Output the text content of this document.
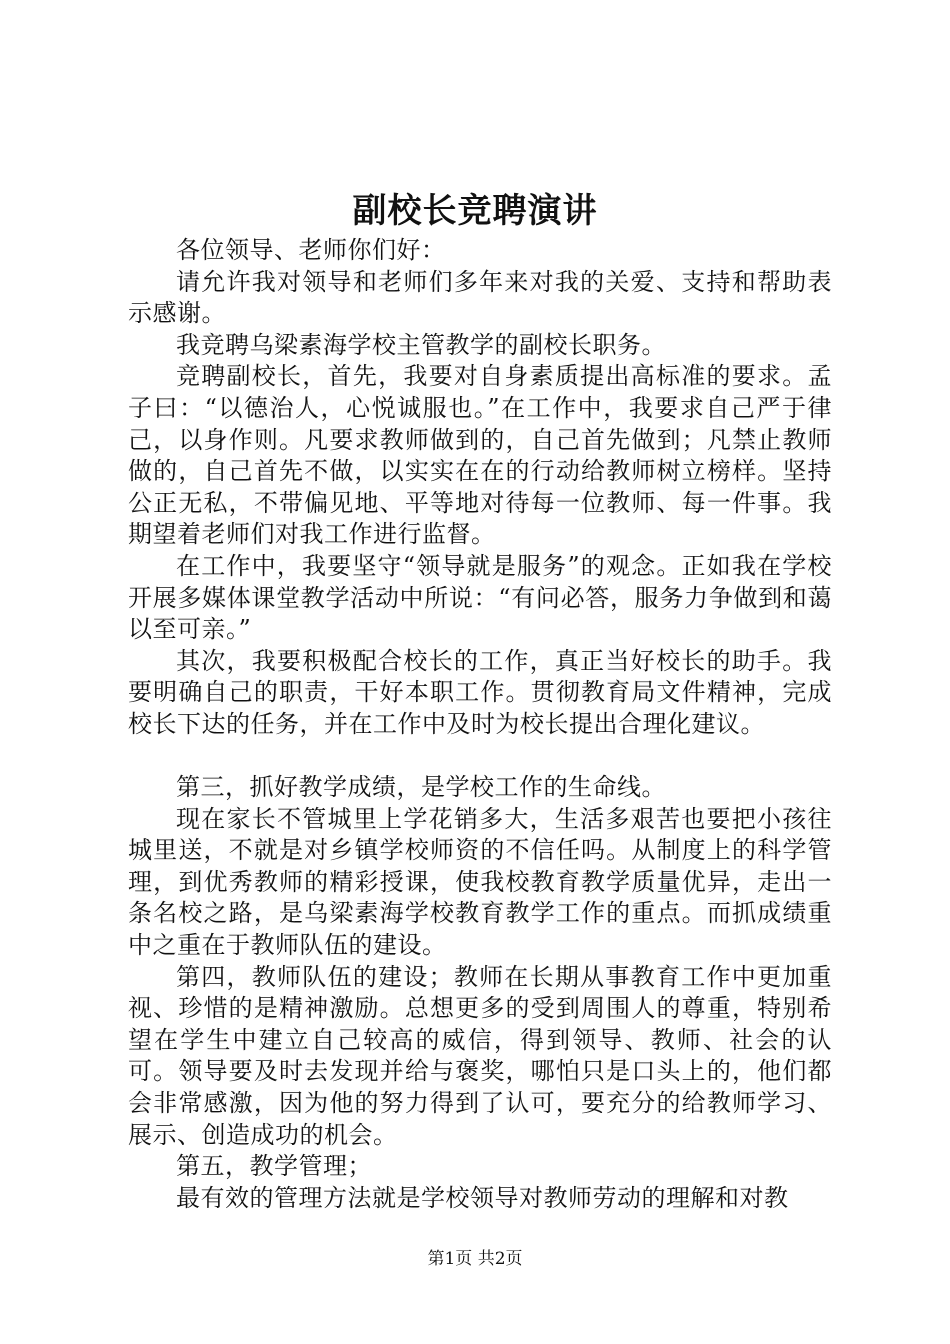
副校长竞聘演讲

各位领导、老师你们好：

请允许我对领导和老师们多年来对我的关爱、支持和帮助表示感谢。

我竞聘乌梁素海学校主管教学的副校长职务。

竞聘副校长，首先，我要对自身素质提出高标准的要求。孟子曰：“以德治人，心悦诚服也。”在工作中，我要求自己严于律己，以身作则。凡要求教师做到的，自己首先做到；凡禁止教师做的，自己首先不做，以实实在在的行动给教师树立榜样。坚持公正无私，不带偏见地、平等地对待每一位教师、每一件事。我期望着老师们对我工作进行监督。

在工作中，我要坚守“领导就是服务”的观念。正如我在学校开展多媒体课堂教学活动中所说：“有问必答，服务力争做到和蔼以至可亲。”

其次，我要积极配合校长的工作，真正当好校长的助手。我要明确自己的职责，干好本职工作。贯彻教育局文件精神，完成校长下达的任务，并在工作中及时为校长提出合理化建议。

第三，抓好教学成绩，是学校工作的生命线。

现在家长不管城里上学花销多大，生活多艰苦也要把小孩往城里送，不就是对乡镇学校师资的不信任吗。从制度上的科学管理，到优秀教师的精彩授课，使我校教育教学质量优异，走出一条名校之路，是乌梁素海学校教育教学工作的重点。而抓成绩重中之重在于教师队伍的建设。

第四，教师队伍的建设；教师在长期从事教育工作中更加重视、珍惜的是精神激励。总想更多的受到周围人的尊重，特别希望在学生中建立自己较高的威信，得到领导、教师、社会的认可。领导要及时去发现并给与褒奖，哪怕只是口头上的，他们都会非常感激，因为他的努力得到了认可，要充分的给教师学习、展示、创造成功的机会。

第五，教学管理；

最有效的管理方法就是学校领导对教师劳动的理解和对教

第1页 共2页
